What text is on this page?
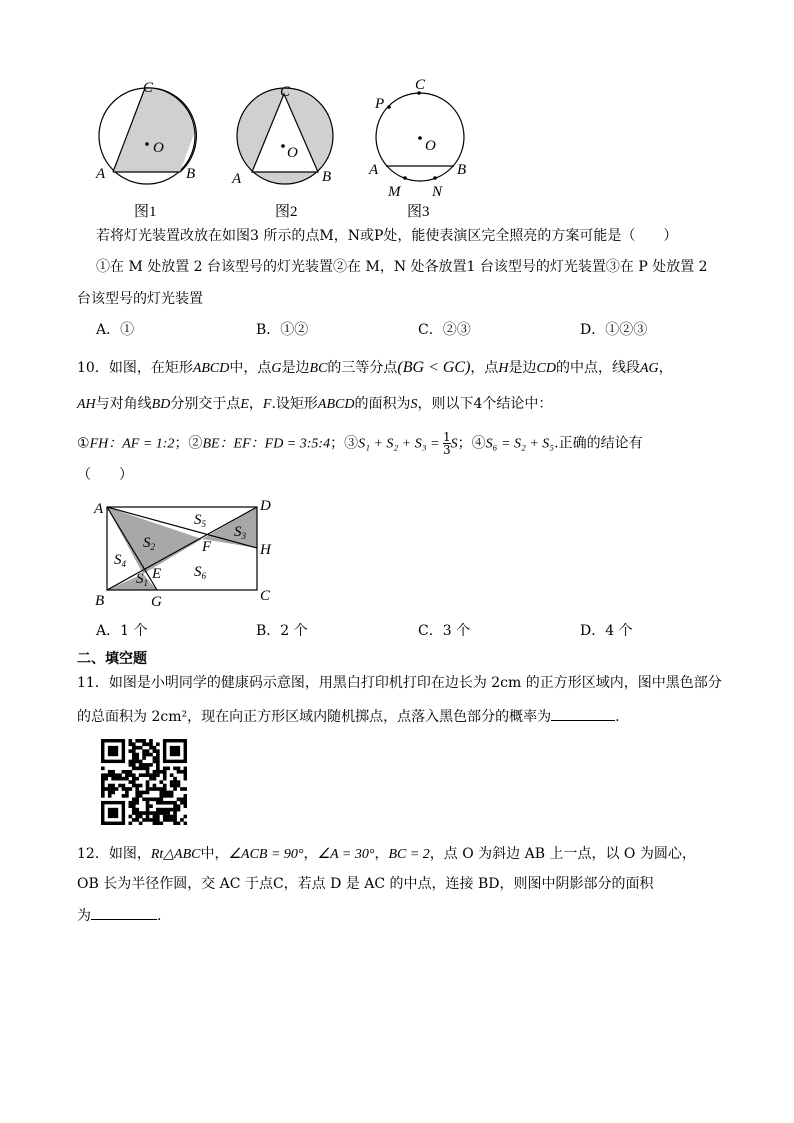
C
O
A	B
图1
C
O
A	B
图2
C
P
O
A	B
M N
图3
若将灯光装置改放在如图3 所示的点M，N或P处，能使表演区完全照亮的方案可能是（　　）
①在 M 处放置 2 台该型号的灯光装置②在 M，N 处各放置1 台该型号的灯光装置③在 P 处放置 2
台该型号的灯光装置
A．①	B．①②	C．②③	D．①②③
10．如图，在矩形ABCD中，点G是边BC的三等分点(BG < GC)，点H是边CD的中点，线段AG，
AH与对角线BD分别交于点E，F.设矩形ABCD的面积为S，则以下4个结论中：
①FH：AF = 1:2；②BE：EF：FD = 3:5:4；③S₁ + $S_2 + S_3 = \frac{1}{3}$ S；④S₆ = S₂ + S₅.正确的结论有
（　　）
A	D
B	G	C
E
F	H
$S_2$
$S_5$ $S_3$
$S_4$
$S_1$
$S_6$
A．1 个	B．2 个	C．3 个	D．4 个
二、填空题
11．如图是小明同学的健康码示意图，用黑白打印机打印在边长为 2cm 的正方形区域内，图中黑色部分
的总面积为 2cm²，现在向正方形区域内随机掷点，点落入黑色部分的概率为	.
12．如图，Rt△ABC中，∠ACB = 90°，∠A = 30°，BC = 2，点 O 为斜边 AB 上一点，以 O 为圆心，
OB 长为半径作圆，交 AC 于点C，若点 D 是 AC 的中点，连接 BD，则图中阴影部分的面积
为	.
